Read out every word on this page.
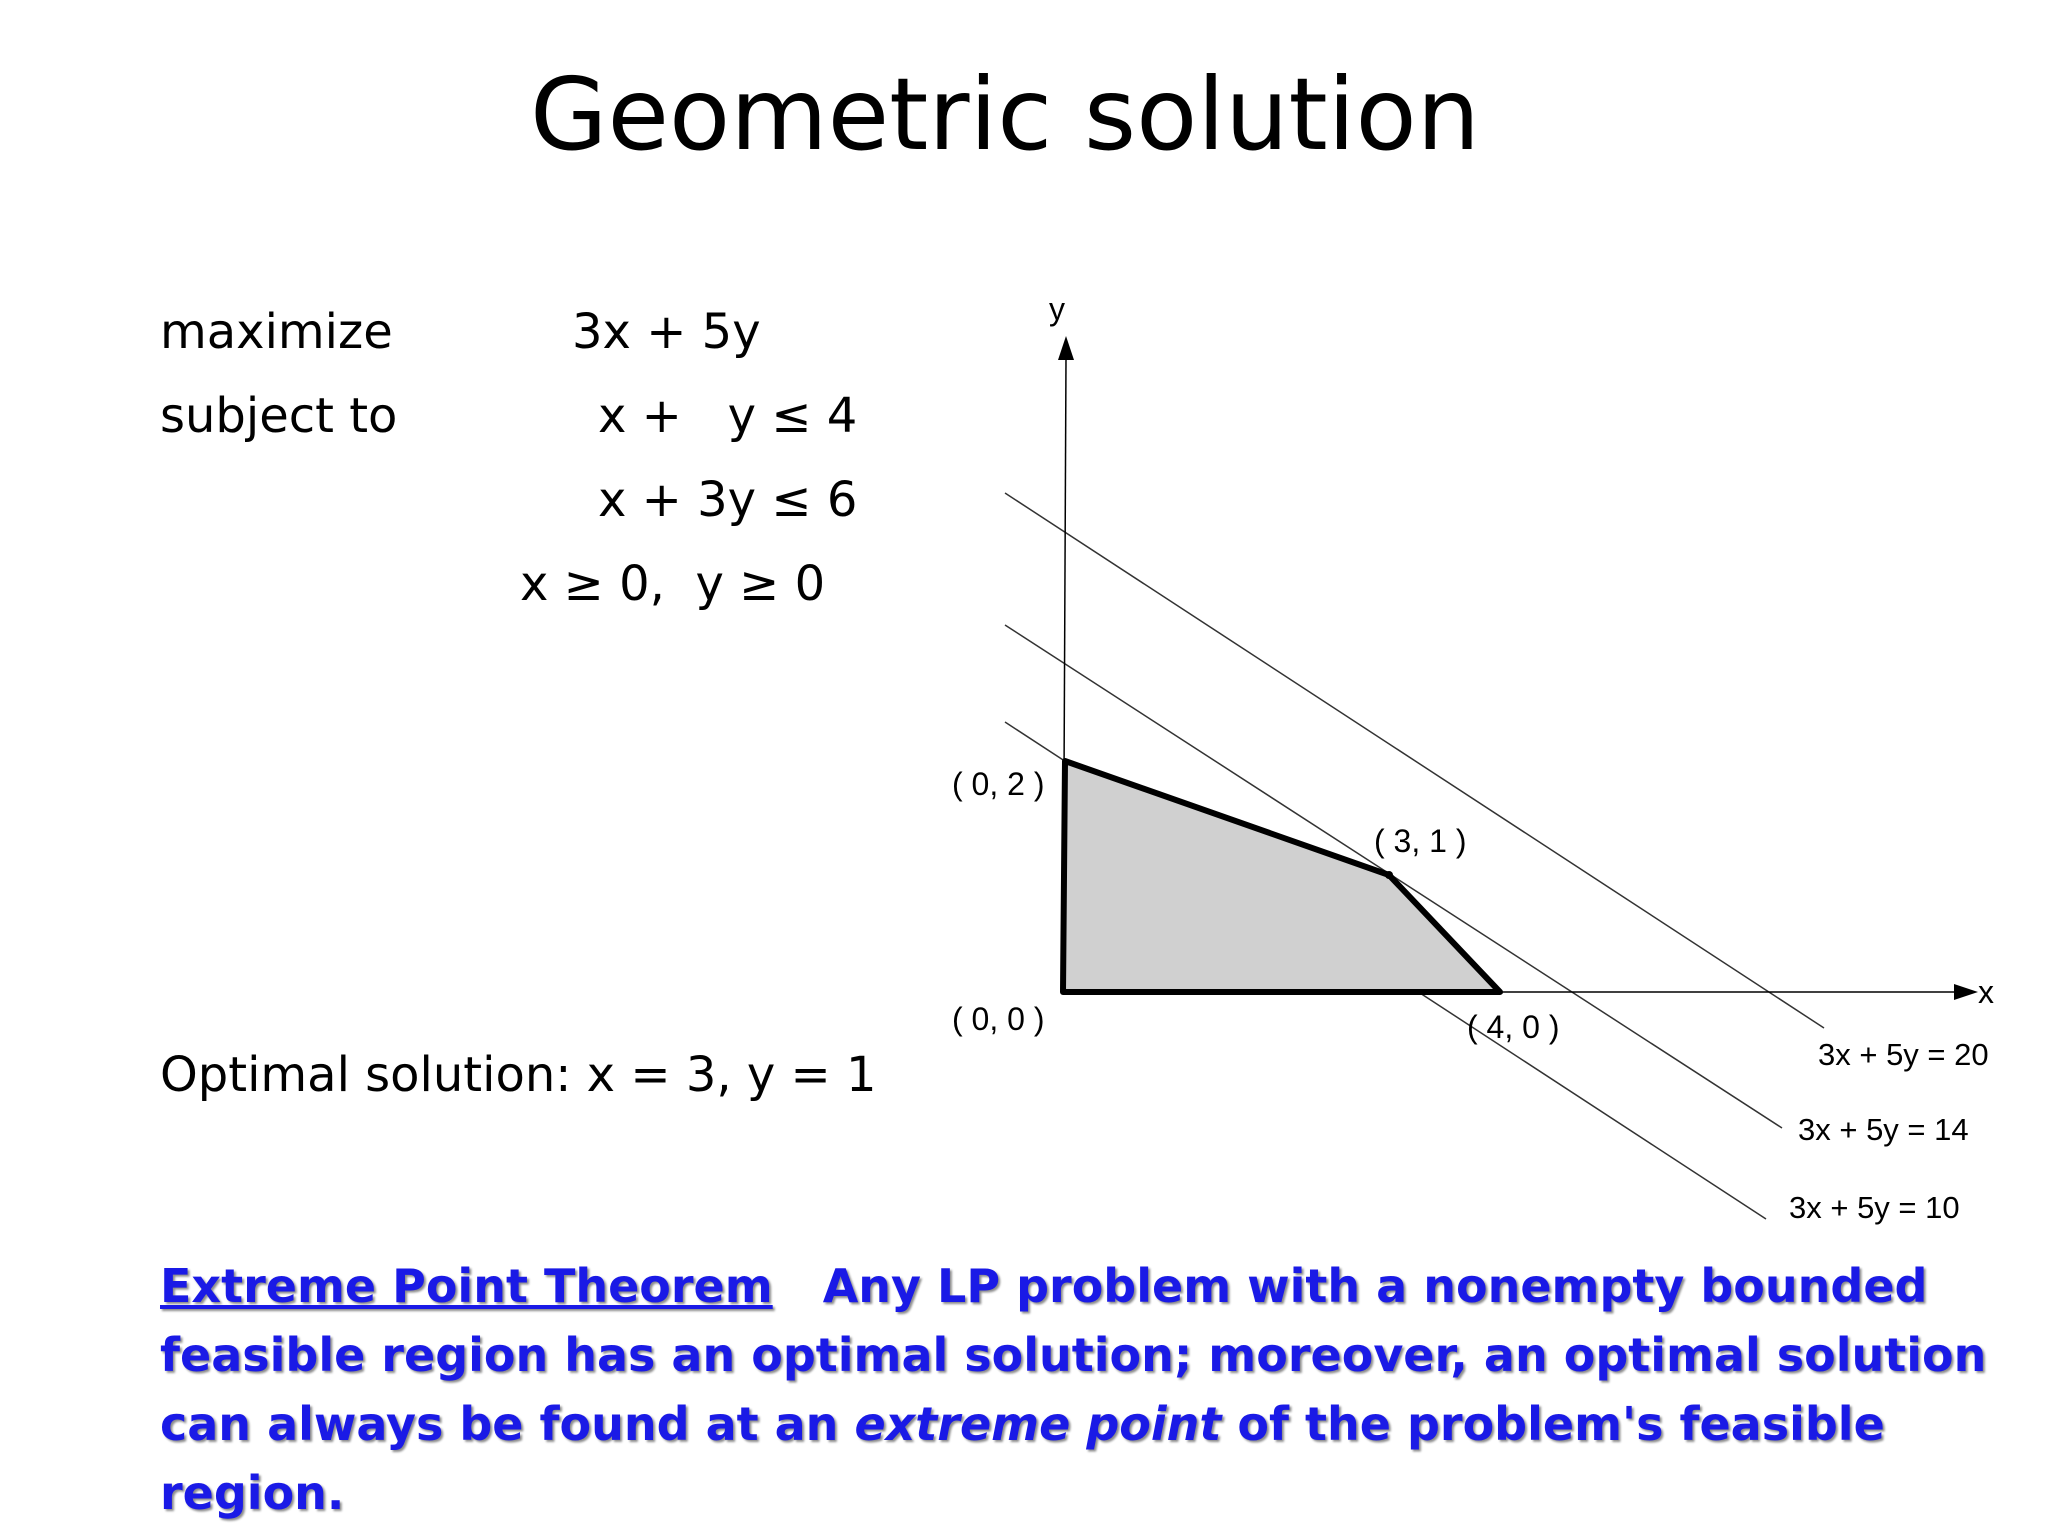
Geometric solution
maximize	3x + 5y
subject to	x +   y ≤ 4
x + 3y ≤ 6
x ≥ 0,  y ≥ 0
Optimal solution: x = 3, y = 1
x
y
( 0, 2 )
( 3, 1 )
( 0, 0 )	( 4, 0 )
3x + 5y = 20
3x + 5y = 14
3x + 5y = 10
Extreme Point Theorem Any LP problem with a nonempty bounded feasible region has an optimal solution; moreover, an optimal solution can always be found at an extreme point of the problem's feasible region.
